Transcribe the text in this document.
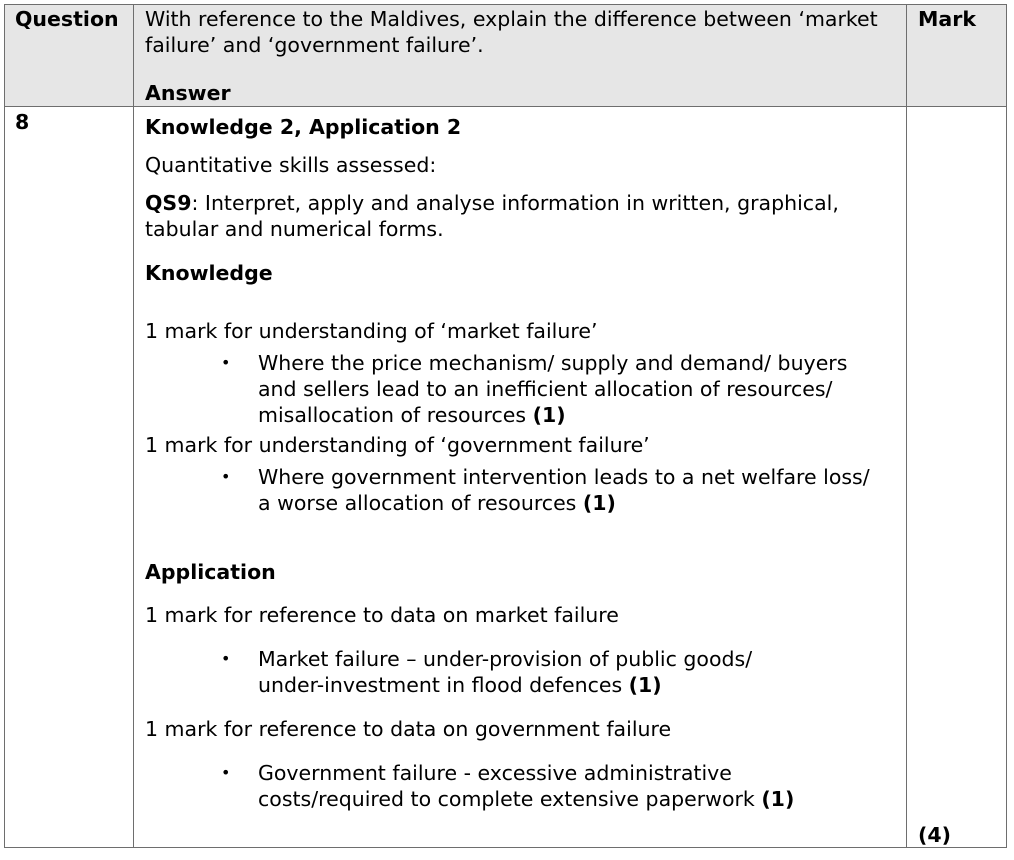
Question With reference to the Maldives, explain the difference between ‘market
failure’ and ‘government failure’.
Answer
Mark
8	Knowledge 2, Application 2
Quantitative skills assessed:
QS9: Interpret, apply and analyse information in written, graphical,
tabular and numerical forms.
Knowledge
1 mark for understanding of ‘market failure’
• Where the price mechanism/ supply and demand/ buyers
and sellers lead to an inefficient allocation of resources/
misallocation of resources (1)
1 mark for understanding of ‘government failure’
• Where government intervention leads to a net welfare loss/
a worse allocation of resources (1)
Application
1 mark for reference to data on market failure
• Market failure – under-provision of public goods/
under-investment in flood defences (1)
1 mark for reference to data on government failure
• Government failure - excessive administrative
costs/required to complete extensive paperwork (1)
(4)
